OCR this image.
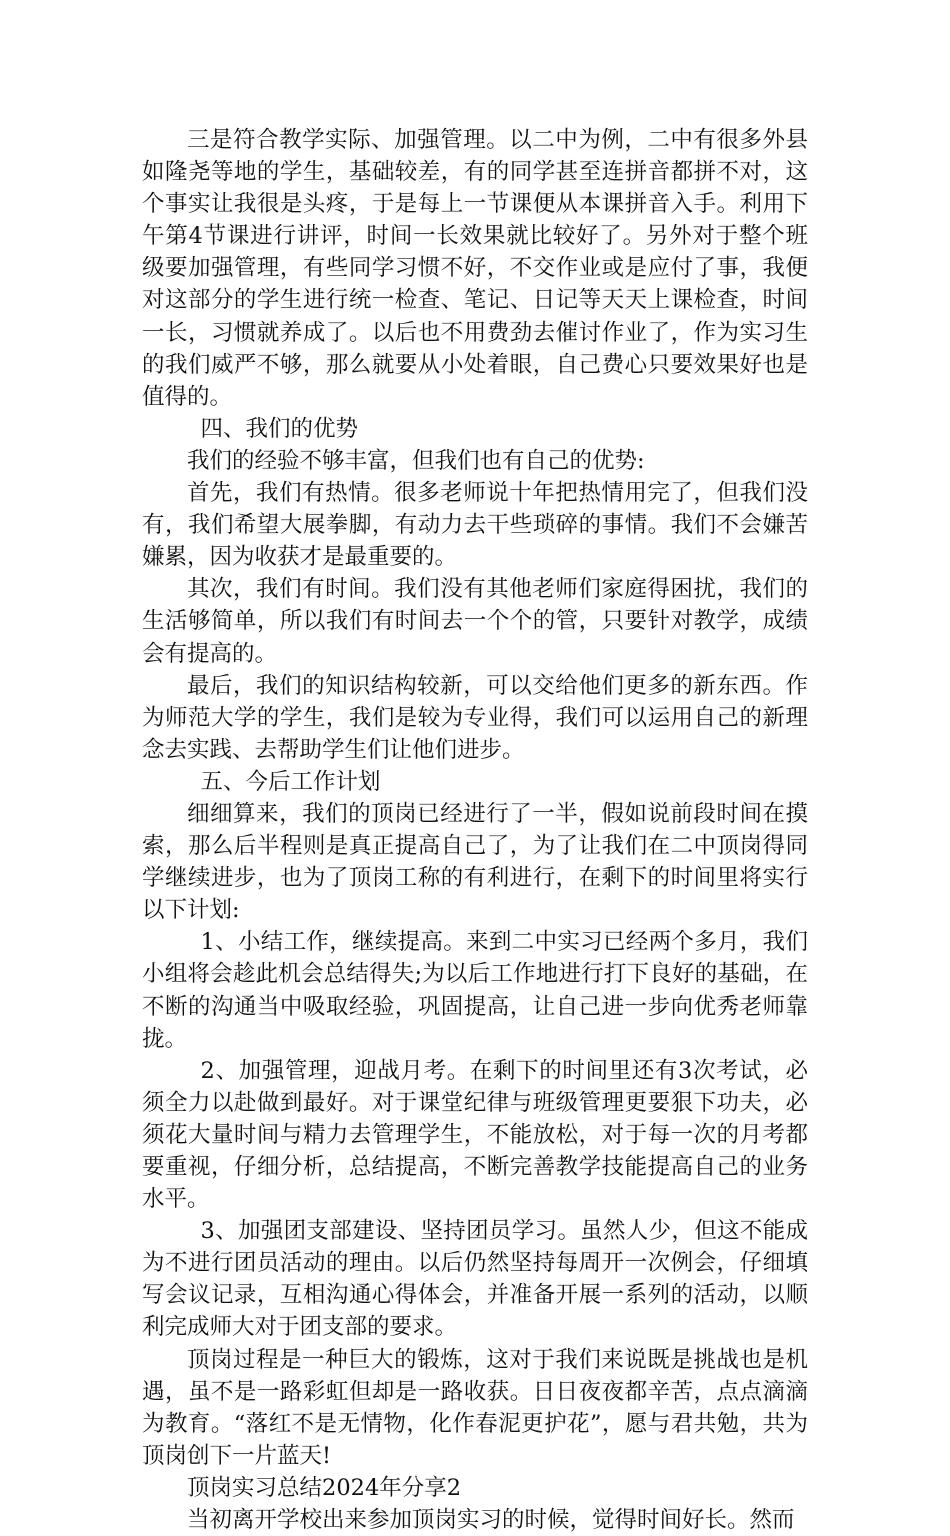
三是符合教学实际、加强管理。以二中为例，二中有很多外县如隆尧等地的学生，基础较差，有的同学甚至连拼音都拼不对，这个事实让我很是头疼，于是每上一节课便从本课拼音入手。利用下午第4节课进行讲评，时间一长效果就比较好了。另外对于整个班级要加强管理，有些同学习惯不好，不交作业或是应付了事，我便对这部分的学生进行统一检查、笔记、日记等天天上课检查，时间一长，习惯就养成了。以后也不用费劲去催讨作业了，作为实习生的我们威严不够，那么就要从小处着眼，自己费心只要效果好也是值得的。

四、我们的优势

我们的经验不够丰富，但我们也有自己的优势:

首先，我们有热情。很多老师说十年把热情用完了，但我们没有，我们希望大展拳脚，有动力去干些琐碎的事情。我们不会嫌苦嫌累，因为收获才是最重要的。

其次，我们有时间。我们没有其他老师们家庭得困扰，我们的生活够简单，所以我们有时间去一个个的管，只要针对教学，成绩会有提高的。

最后，我们的知识结构较新，可以交给他们更多的新东西。作为师范大学的学生，我们是较为专业得，我们可以运用自己的新理念去实践、去帮助学生们让他们进步。

五、今后工作计划

细细算来，我们的顶岗已经进行了一半，假如说前段时间在摸索，那么后半程则是真正提高自己了，为了让我们在二中顶岗得同学继续进步，也为了顶岗工称的有利进行，在剩下的时间里将实行以下计划:

1、小结工作，继续提高。来到二中实习已经两个多月，我们小组将会趁此机会总结得失;为以后工作地进行打下良好的基础，在不断的沟通当中吸取经验，巩固提高，让自己进一步向优秀老师靠拢。

2、加强管理，迎战月考。在剩下的时间里还有3次考试，必须全力以赴做到最好。对于课堂纪律与班级管理更要狠下功夫，必须花大量时间与精力去管理学生，不能放松，对于每一次的月考都要重视，仔细分析，总结提高，不断完善教学技能提高自己的业务水平。

3、加强团支部建设、坚持团员学习。虽然人少，但这不能成为不进行团员活动的理由。以后仍然坚持每周开一次例会，仔细填写会议记录，互相沟通心得体会，并准备开展一系列的活动，以顺利完成师大对于团支部的要求。

顶岗过程是一种巨大的锻炼，这对于我们来说既是挑战也是机遇，虽不是一路彩虹但却是一路收获。日日夜夜都辛苦，点点滴滴为教育。“落红不是无情物，化作春泥更护花”，愿与君共勉，共为顶岗创下一片蓝天!

顶岗实习总结2024年分享2

当初离开学校出来参加顶岗实习的时候，觉得时间好长。然而
